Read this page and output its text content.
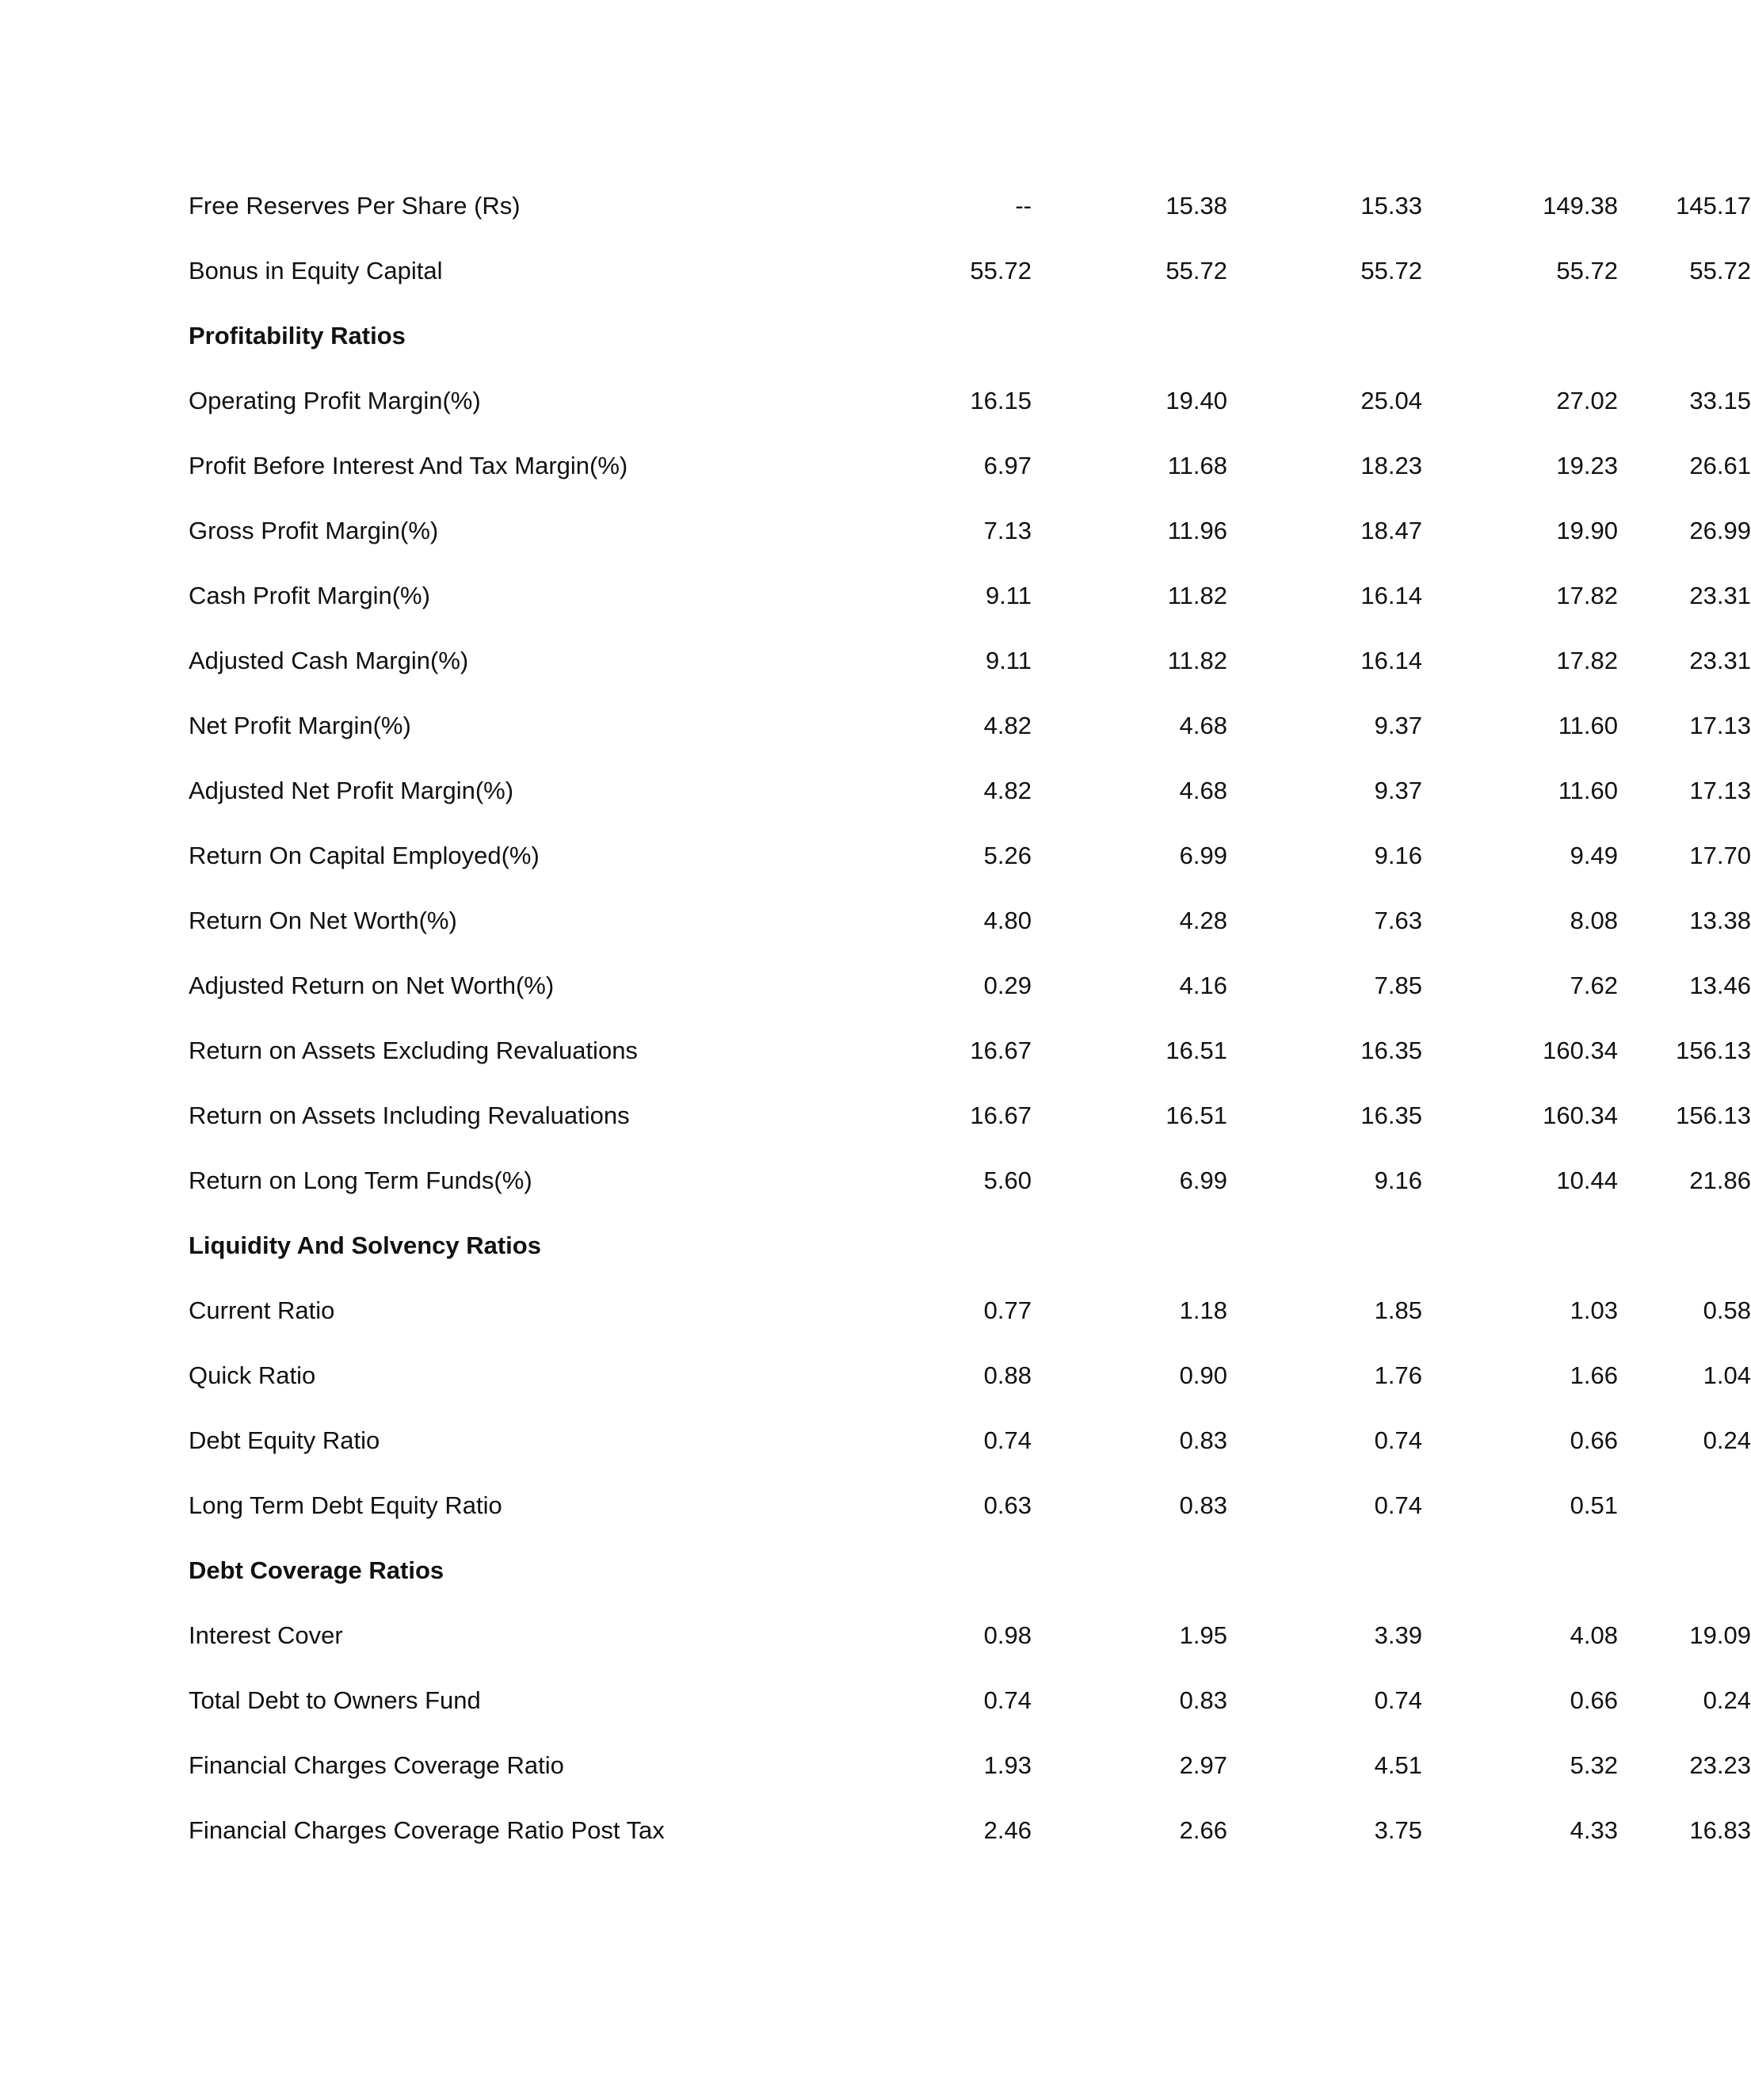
Free Reserves Per Share (Rs)	--	15.38	15.33	149.38	145.17
Bonus in Equity Capital	55.72	55.72	55.72	55.72	55.72
Profitability Ratios
Operating Profit Margin(%)	16.15	19.40	25.04	27.02	33.15
Profit Before Interest And Tax Margin(%)	6.97	11.68	18.23	19.23	26.61
Gross Profit Margin(%)	7.13	11.96	18.47	19.90	26.99
Cash Profit Margin(%)	9.11	11.82	16.14	17.82	23.31
Adjusted Cash Margin(%)	9.11	11.82	16.14	17.82	23.31
Net Profit Margin(%)	4.82	4.68	9.37	11.60	17.13
Adjusted Net Profit Margin(%)	4.82	4.68	9.37	11.60	17.13
Return On Capital Employed(%)	5.26	6.99	9.16	9.49	17.70
Return On Net Worth(%)	4.80	4.28	7.63	8.08	13.38
Adjusted Return on Net Worth(%)	0.29	4.16	7.85	7.62	13.46
Return on Assets Excluding Revaluations	16.67	16.51	16.35	160.34	156.13
Return on Assets Including Revaluations	16.67	16.51	16.35	160.34	156.13
Return on Long Term Funds(%)	5.60	6.99	9.16	10.44	21.86
Liquidity And Solvency Ratios
Current Ratio	0.77	1.18	1.85	1.03	0.58
Quick Ratio	0.88	0.90	1.76	1.66	1.04
Debt Equity Ratio	0.74	0.83	0.74	0.66	0.24
Long Term Debt Equity Ratio	0.63	0.83	0.74	0.51
Debt Coverage Ratios
Interest Cover	0.98	1.95	3.39	4.08	19.09
Total Debt to Owners Fund	0.74	0.83	0.74	0.66	0.24
Financial Charges Coverage Ratio	1.93	2.97	4.51	5.32	23.23
Financial Charges Coverage Ratio Post Tax	2.46	2.66	3.75	4.33	16.83
